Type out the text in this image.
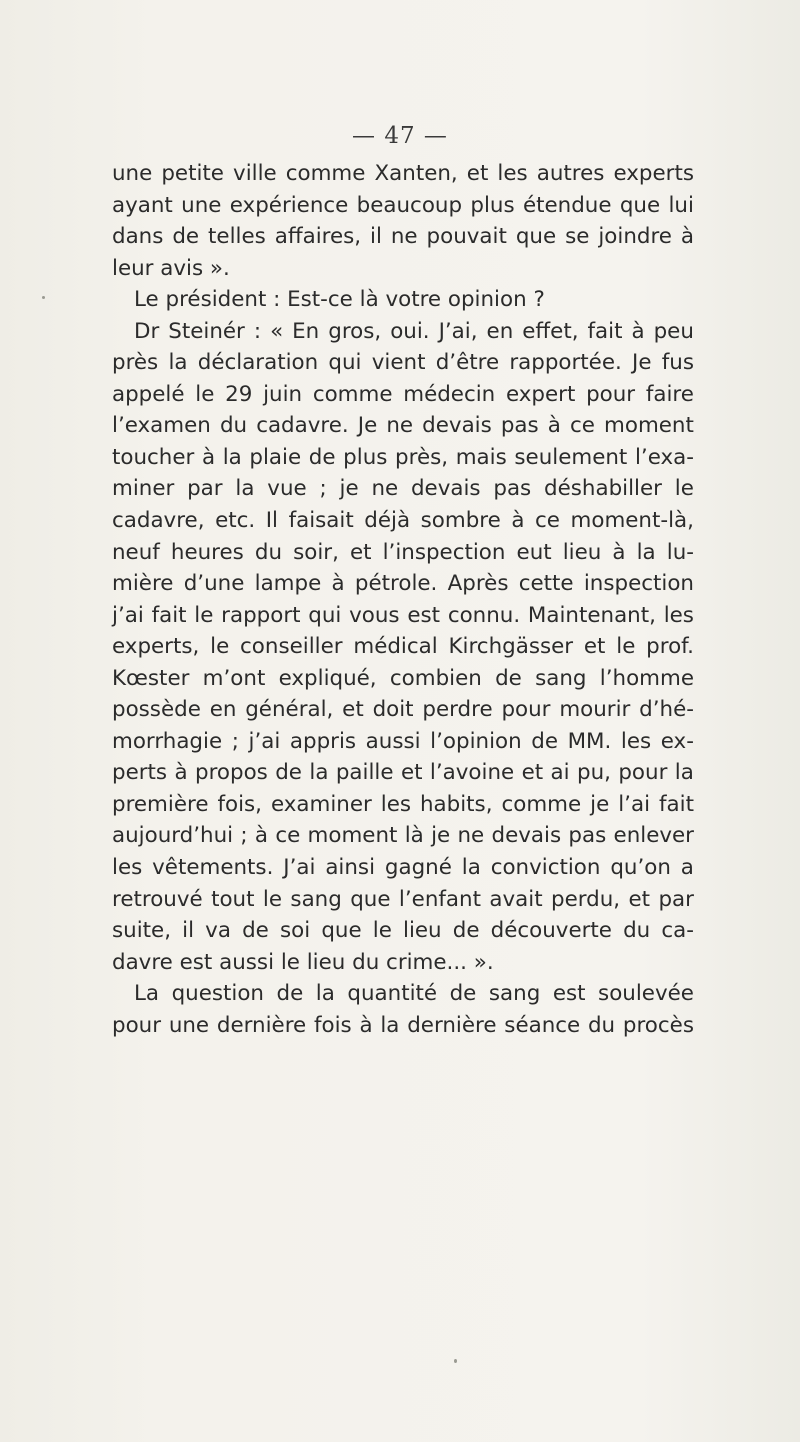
— 47 —
une petite ville comme Xanten, et les autres experts
ayant une expérience beaucoup plus étendue que lui
dans de telles affaires, il ne pouvait que se joindre à
leur avis ».
Le président : Est-ce là votre opinion ?
Dr Steinér : « En gros, oui. J’ai, en effet, fait à peu
près la déclaration qui vient d’être rapportée. Je fus
appelé le 29 juin comme médecin expert pour faire
l’examen du cadavre. Je ne devais pas à ce moment
toucher à la plaie de plus près, mais seulement l’exa-
miner par la vue ; je ne devais pas déshabiller le
cadavre, etc. Il faisait déjà sombre à ce moment-là,
neuf heures du soir, et l’inspection eut lieu à la lu-
mière d’une lampe à pétrole. Après cette inspection
j’ai fait le rapport qui vous est connu. Maintenant, les
experts, le conseiller médical Kirchgässer et le prof.
Kœster m’ont expliqué, combien de sang l’homme
possède en général, et doit perdre pour mourir d’hé-
morrhagie ; j’ai appris aussi l’opinion de MM. les ex-
perts à propos de la paille et l’avoine et ai pu, pour la
première fois, examiner les habits, comme je l’ai fait
aujourd’hui ; à ce moment là je ne devais pas enlever
les vêtements. J’ai ainsi gagné la conviction qu’on a
retrouvé tout le sang que l’enfant avait perdu, et par
suite, il va de soi que le lieu de découverte du ca-
davre est aussi le lieu du crime... ».
La question de la quantité de sang est soulevée
pour une dernière fois à la dernière séance du procès
